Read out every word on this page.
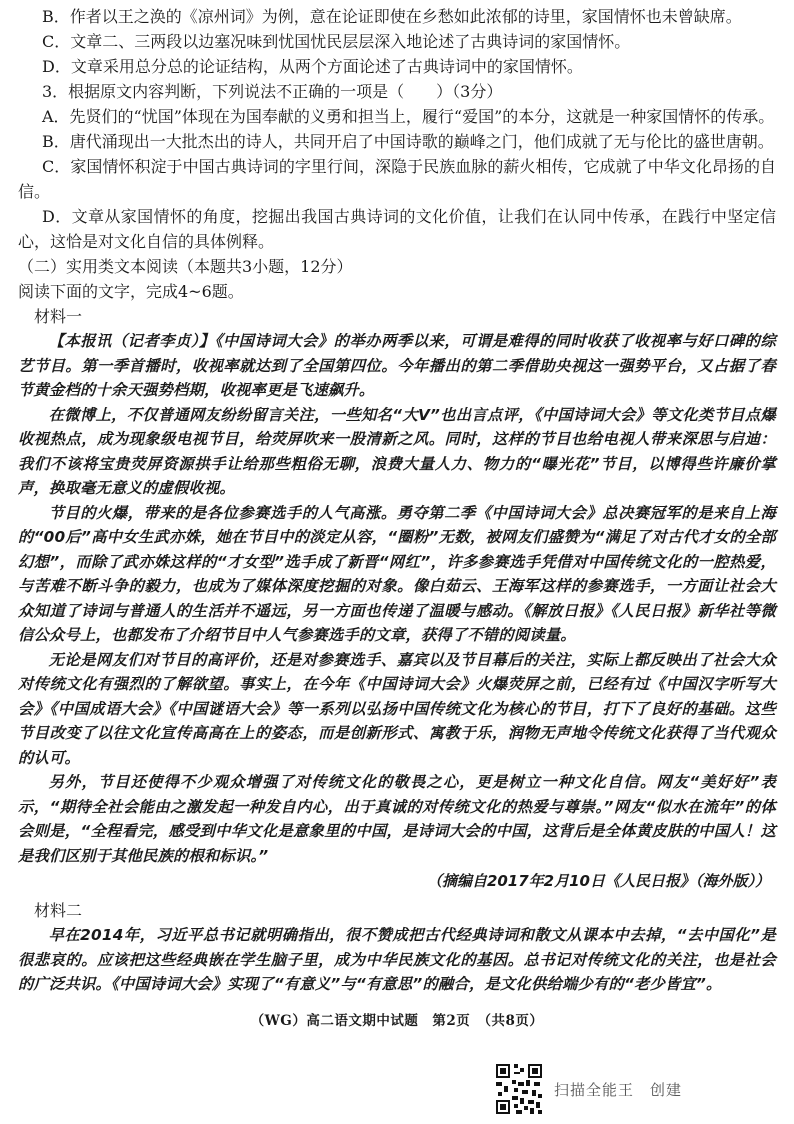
B．作者以王之涣的《凉州词》为例，意在论证即使在乡愁如此浓郁的诗里，家国情怀也未曾缺席。

C．文章二、三两段以边塞况味到忧国忧民层层深入地论述了古典诗词的家国情怀。

D．文章采用总分总的论证结构，从两个方面论述了古典诗词中的家国情怀。

3．根据原文内容判断，下列说法不正确的一项是（　　）（3分）

A．先贤们的“忧国”体现在为国奉献的义勇和担当上，履行“爱国”的本分，这就是一种家国情怀的传承。

B．唐代涌现出一大批杰出的诗人，共同开启了中国诗歌的巅峰之门，他们成就了无与伦比的盛世唐朝。

C．家国情怀积淀于中国古典诗词的字里行间，深隐于民族血脉的薪火相传，它成就了中华文化昂扬的自信。

D．文章从家国情怀的角度，挖掘出我国古典诗词的文化价值，让我们在认同中传承，在践行中坚定信心，这恰是对文化自信的具体例释。

（二）实用类文本阅读（本题共3小题，12分）

阅读下面的文字，完成4~6题。

材料一

【本报讯（记者李贞）】《中国诗词大会》的举办两季以来，可谓是难得的同时收获了收视率与好口碑的综艺节目。第一季首播时，收视率就达到了全国第四位。今年播出的第二季借助央视这一强势平台，又占据了春节黄金档的十余天强势档期，收视率更是飞速飙升。

在微博上，不仅普通网友纷纷留言关注，一些知名“大V”也出言点评，《中国诗词大会》等文化类节目点爆收视热点，成为现象级电视节目，给荧屏吹来一股清新之风。同时，这样的节目也给电视人带来深思与启迪：我们不该将宝贵荧屏资源拱手让给那些粗俗无聊，浪费大量人力、物力的“曝光花”节目，以博得些许廉价掌声，换取毫无意义的虚假收视。

节目的火爆，带来的是各位参赛选手的人气高涨。勇夺第二季《中国诗词大会》总决赛冠军的是来自上海的“00后”高中女生武亦姝，她在节目中的淡定从容，“圈粉”无数，被网友们盛赞为“满足了对古代才女的全部幻想”，而除了武亦姝这样的“才女型”选手成了新晋“网红”，许多参赛选手凭借对中国传统文化的一腔热爱，与苦难不断斗争的毅力，也成为了媒体深度挖掘的对象。像白茹云、王海军这样的参赛选手，一方面让社会大众知道了诗词与普通人的生活并不遥远，另一方面也传递了温暖与感动。《解放日报》《人民日报》新华社等微信公众号上，也都发布了介绍节目中人气参赛选手的文章，获得了不错的阅读量。

无论是网友们对节目的高评价，还是对参赛选手、嘉宾以及节目幕后的关注，实际上都反映出了社会大众对传统文化有强烈的了解欲望。事实上，在今年《中国诗词大会》火爆荧屏之前，已经有过《中国汉字听写大会》《中国成语大会》《中国谜语大会》等一系列以弘扬中国传统文化为核心的节目，打下了良好的基础。这些节目改变了以往文化宣传高高在上的姿态，而是创新形式、寓教于乐，润物无声地令传统文化获得了当代观众的认可。

另外，节目还使得不少观众增强了对传统文化的敬畏之心，更是树立一种文化自信。网友“美好好”表示，“期待全社会能由之激发起一种发自内心，出于真诚的对传统文化的热爱与尊崇。”网友“似水在流年”的体会则是，“全程看完，感受到中华文化是意象里的中国，是诗词大会的中国，这背后是全体黄皮肤的中国人！这是我们区别于其他民族的根和标识。”

（摘编自2017年2月10日《人民日报》（海外版））

材料二

早在2014年，习近平总书记就明确指出，很不赞成把古代经典诗词和散文从课本中去掉，“去中国化”是很悲哀的。应该把这些经典嵌在学生脑子里，成为中华民族文化的基因。总书记对传统文化的关注，也是社会的广泛共识。《中国诗词大会》实现了“有意义”与“有意思”的融合，是文化供给端少有的“老少皆宜”。

（WG）高二语文期中试题　第2页　（共8页）
扫描全能王　创建
